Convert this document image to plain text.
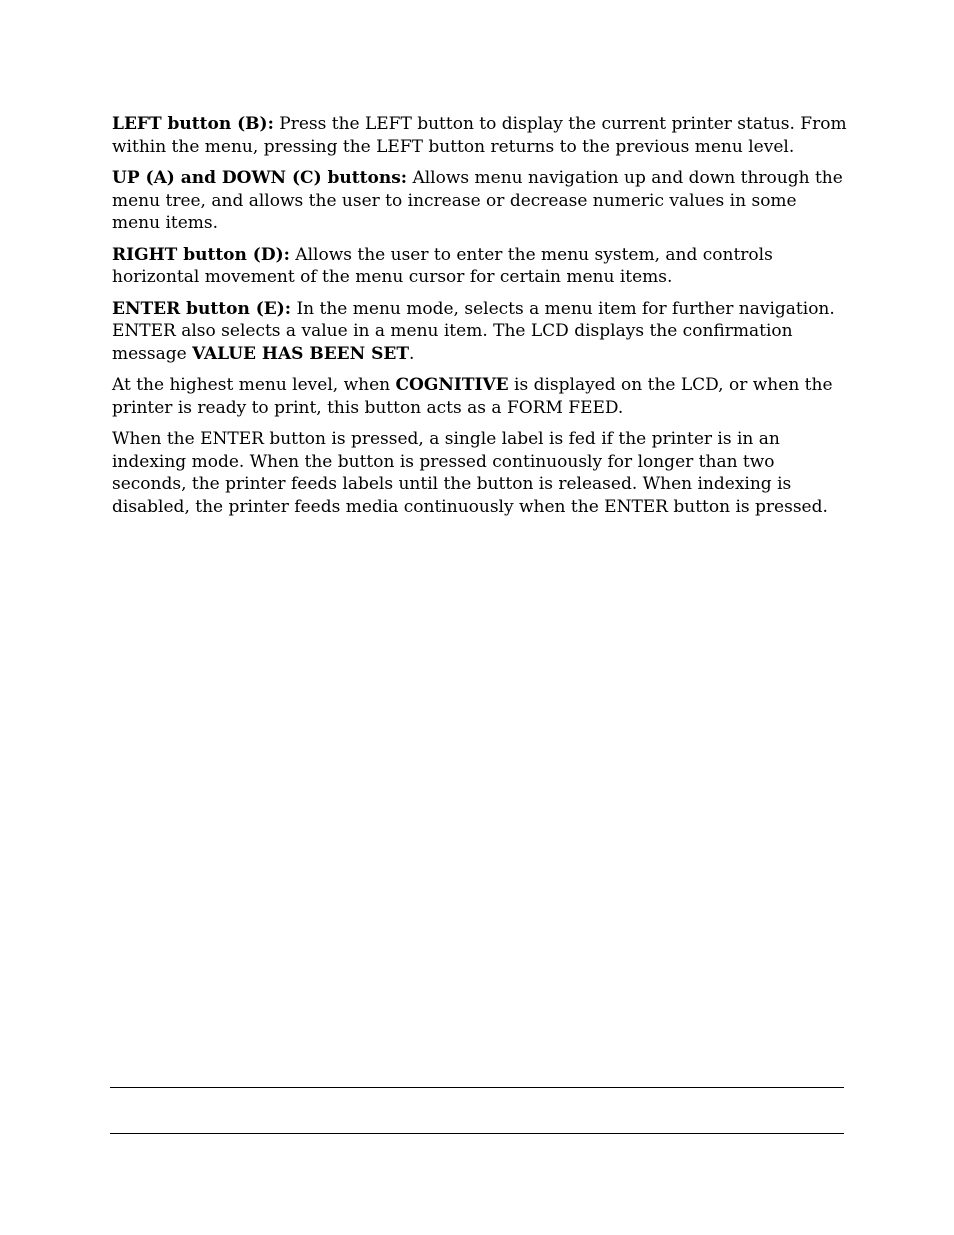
LEFT button (B): Press the LEFT button to display the current printer status. From within the menu, pressing the LEFT button returns to the previous menu level.

UP (A) and DOWN (C) buttons: Allows menu navigation up and down through the menu tree, and allows the user to increase or decrease numeric values in some menu items.

RIGHT button (D): Allows the user to enter the menu system, and controls horizontal movement of the menu cursor for certain menu items.

ENTER button (E): In the menu mode, selects a menu item for further navigation. ENTER also selects a value in a menu item. The LCD displays the confirmation message VALUE HAS BEEN SET.

At the highest menu level, when COGNITIVE is displayed on the LCD, or when the printer is ready to print, this button acts as a FORM FEED.

When the ENTER button is pressed, a single label is fed if the printer is in an indexing mode. When the button is pressed continuously for longer than two seconds, the printer feeds labels until the button is released. When indexing is disabled, the printer feeds media continuously when the ENTER button is pressed.
